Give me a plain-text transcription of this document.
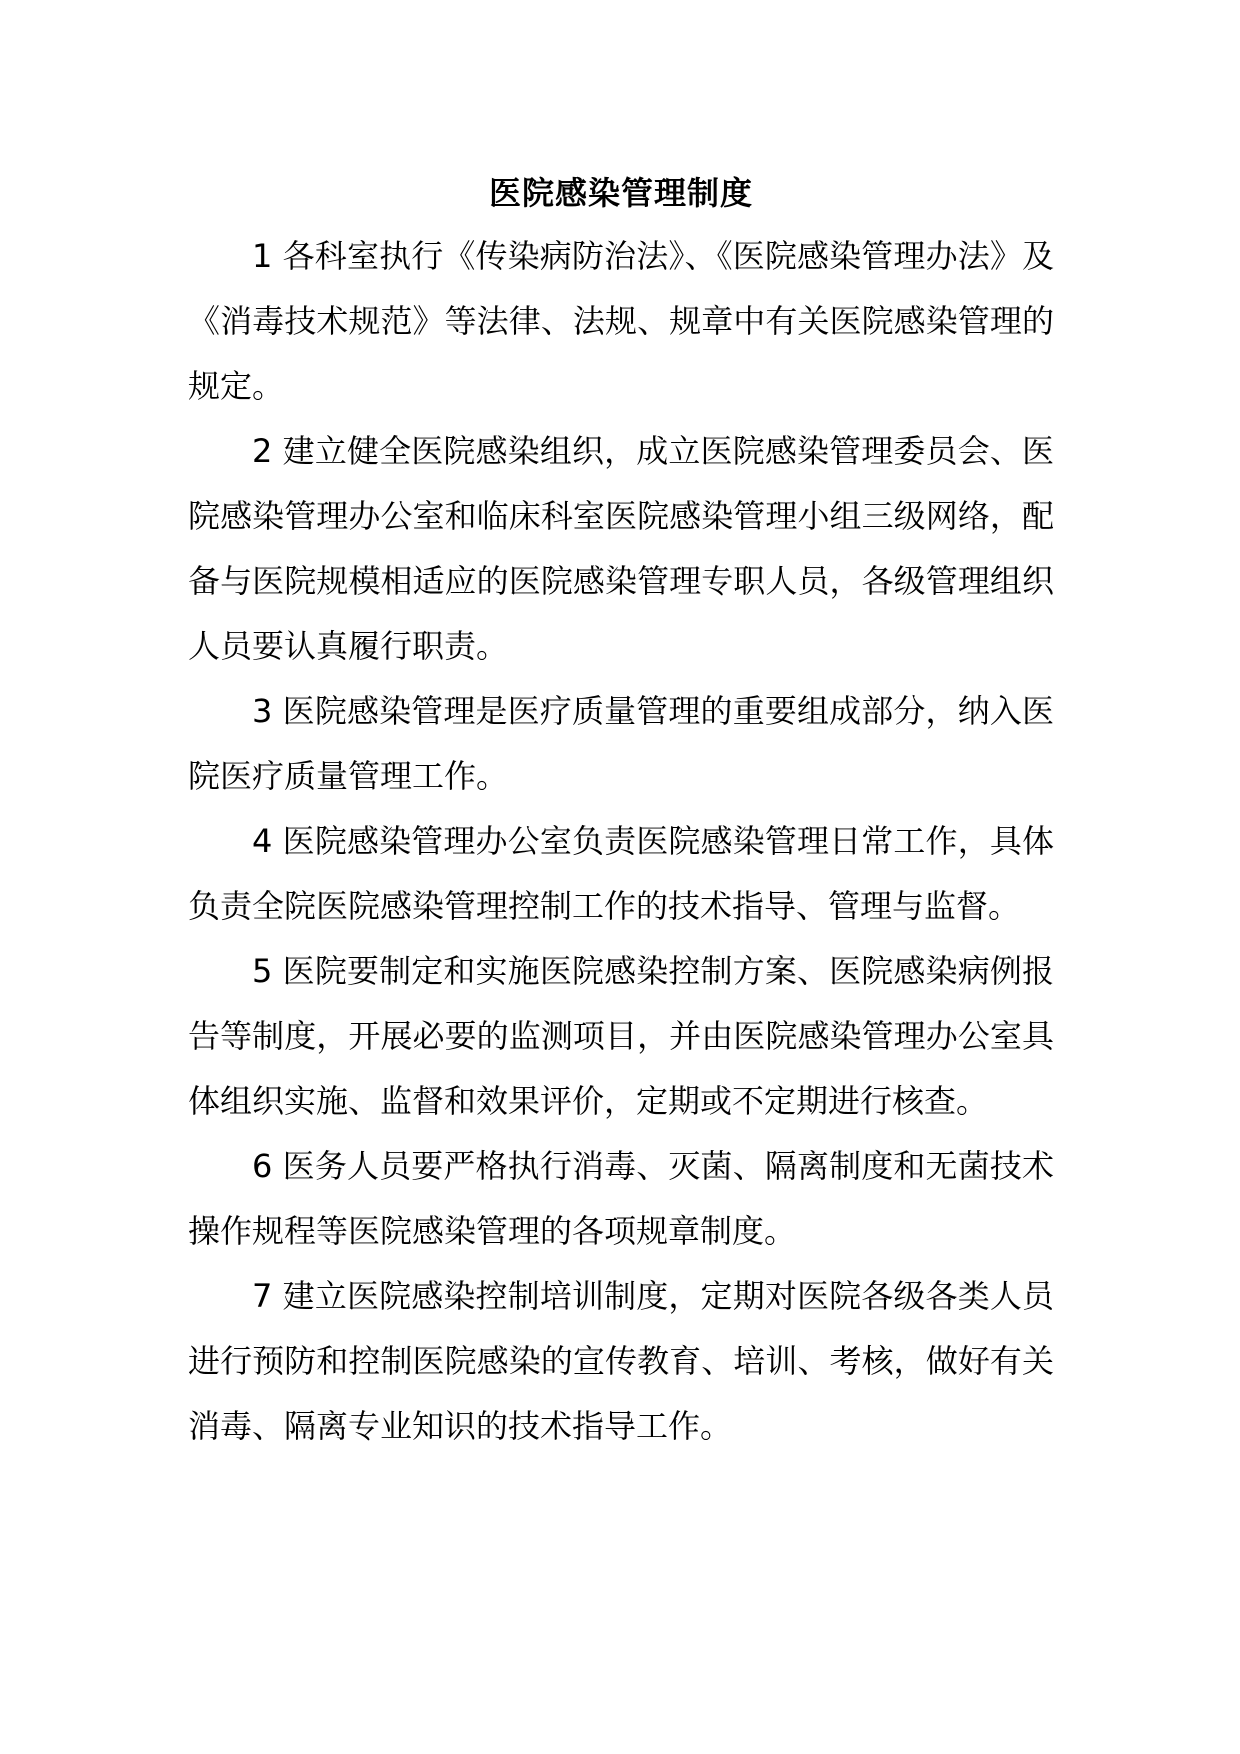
医院感染管理制度

1 各科室执行《传染病防治法》、《医院感染管理办法》及《消毒技术规范》等法律、法规、规章中有关医院感染管理的规定。

2 建立健全医院感染组织，成立医院感染管理委员会、医院感染管理办公室和临床科室医院感染管理小组三级网络，配备与医院规模相适应的医院感染管理专职人员，各级管理组织人员要认真履行职责。

3 医院感染管理是医疗质量管理的重要组成部分，纳入医院医疗质量管理工作。

4 医院感染管理办公室负责医院感染管理日常工作，具体负责全院医院感染管理控制工作的技术指导、管理与监督。

5 医院要制定和实施医院感染控制方案、医院感染病例报告等制度，开展必要的监测项目，并由医院感染管理办公室具体组织实施、监督和效果评价，定期或不定期进行核查。

6 医务人员要严格执行消毒、灭菌、隔离制度和无菌技术操作规程等医院感染管理的各项规章制度。

7 建立医院感染控制培训制度，定期对医院各级各类人员进行预防和控制医院感染的宣传教育、培训、考核，做好有关消毒、隔离专业知识的技术指导工作。
